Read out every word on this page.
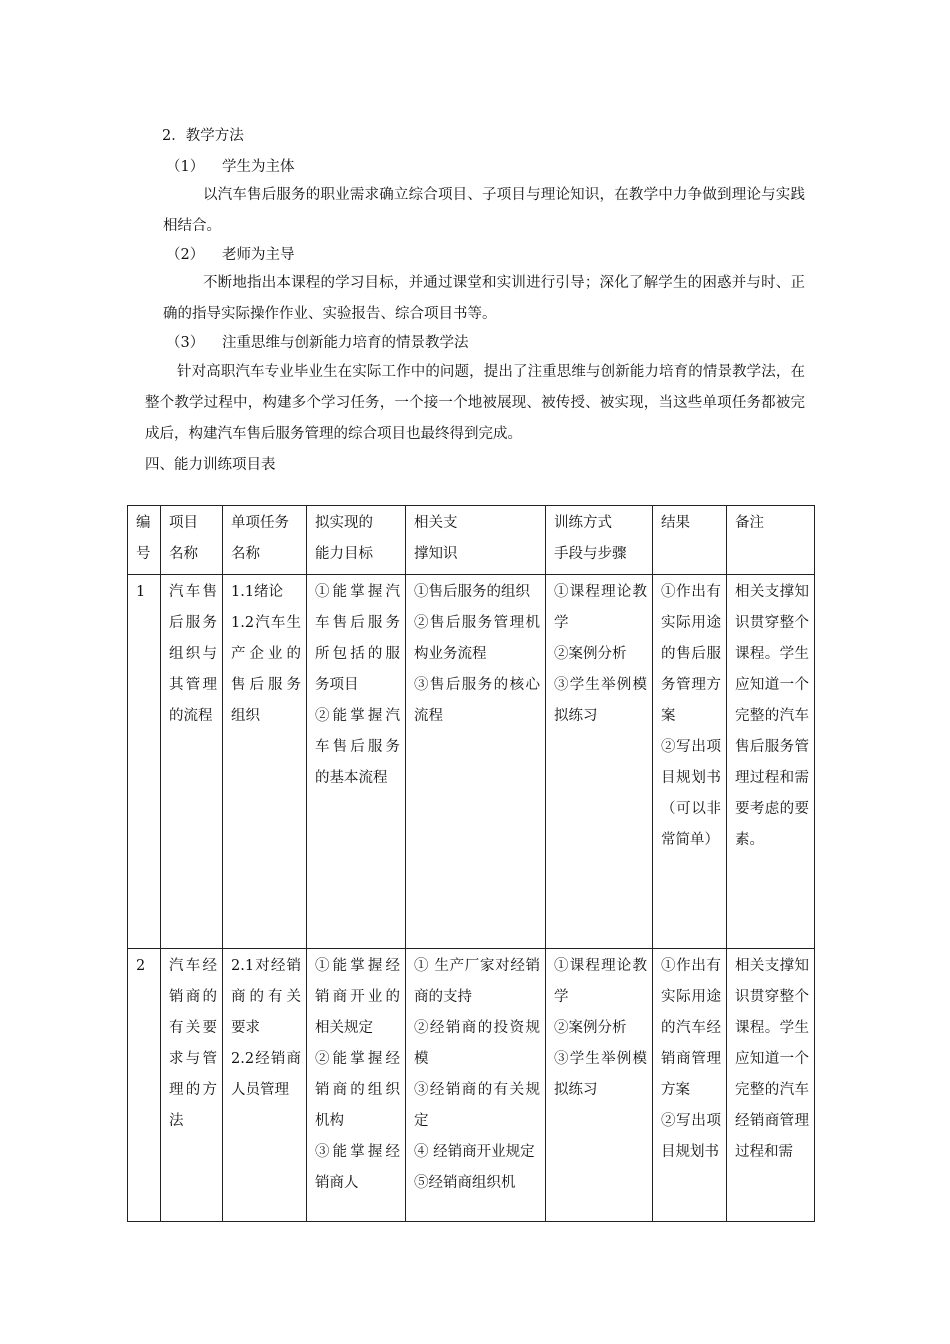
2．教学方法
（1） 学生为主体
以汽车售后服务的职业需求确立综合项目、子项目与理论知识，在教学中力争做到理论与实践相结合。
（2） 老师为主导
不断地指出本课程的学习目标，并通过课堂和实训进行引导；深化了解学生的困惑并与时、正确的指导实际操作作业、实验报告、综合项目书等。
（3） 注重思维与创新能力培育的情景教学法
针对高职汽车专业毕业生在实际工作中的问题，提出了注重思维与创新能力培育的情景教学法，在整个教学过程中，构建多个学习任务，一个接一个地被展现、被传授、被实现，当这些单项任务都被完成后，构建汽车售后服务管理的综合项目也最终得到完成。
四、能力训练项目表
编
号	项目
名称	单项任务
名称	拟实现的
能力目标	相关支
撑知识	训练方式
手段与步骤	结果	备注
1	汽车售后服务组织与其管理的流程	1.1绪论
1.2汽车生产企业的售后服务组织	①能掌握汽车售后服务所包括的服务项目
②能掌握汽车售后服务的基本流程	①售后服务的组织
②售后服务管理机构业务流程
③售后服务的核心流程	①课程理论教学
②案例分析
③学生举例模拟练习	①作出有实际用途的售后服务管理方案
②写出项目规划书（可以非常简单）	相关支撑知识贯穿整个课程。学生应知道一个完整的汽车售后服务管理过程和需要考虑的要素。
2	汽车经销商的有关要求与管理的方法	2.1对经销商的有关要求
2.2经销商人员管理	①能掌握经销商开业的相关规定
②能掌握经销商的组织机构
③能掌握经销商人	① 生产厂家对经销商的支持
②经销商的投资规模
③经销商的有关规定
④ 经销商开业规定
⑤经销商组织机	①课程理论教学
②案例分析
③学生举例模拟练习	①作出有实际用途的汽车经销商管理方案
②写出项目规划书	相关支撑知识贯穿整个课程。学生应知道一个完整的汽车经销商管理过程和需
